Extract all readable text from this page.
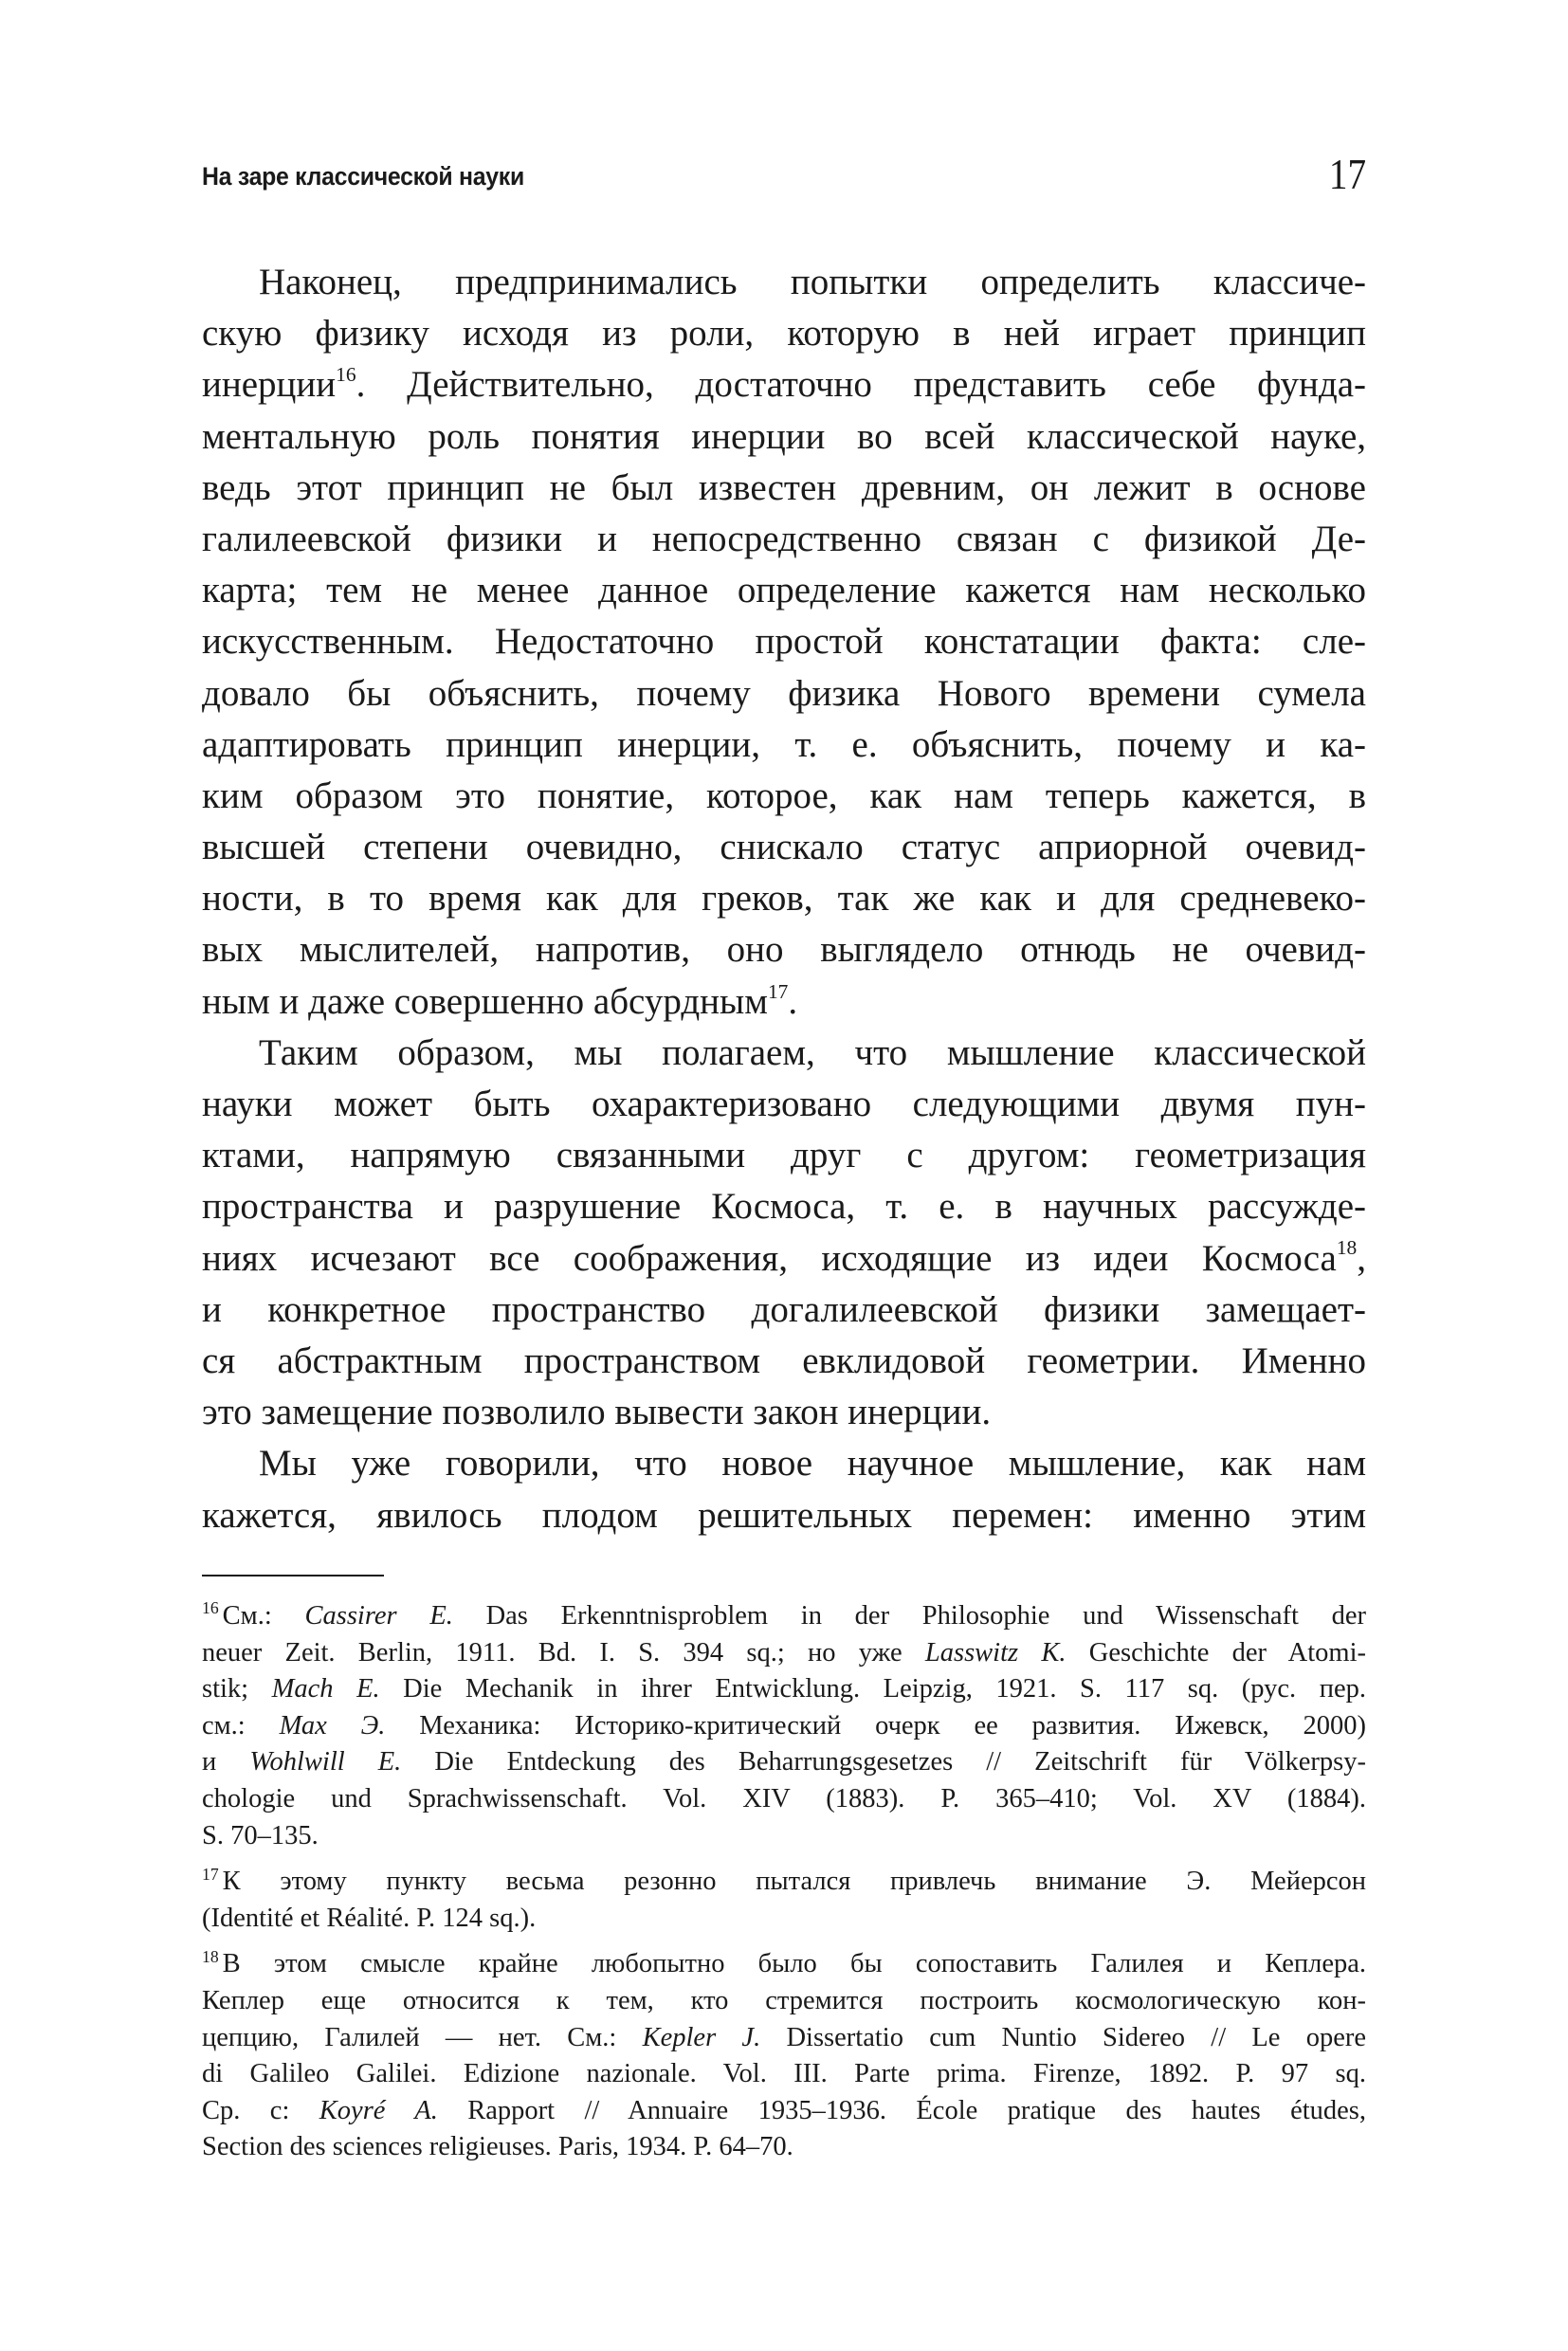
На заре классической науки	17
Наконец, предпринимались попытки определить классиче-
скую физику исходя из роли, которую в ней играет принцип
инерции$^{16}$. Действительно, достаточно представить себе фунда-
ментальную роль понятия инерции во всей классической науке,
ведь этот принцип не был известен древним, он лежит в основе
галилеевской физики и непосредственно связан с физикой Де-
карта; тем не менее данное определение кажется нам несколько
искусственным. Недостаточно простой констатации факта: сле-
довало бы объяснить, почему физика Нового времени сумела
адаптировать принцип инерции, т. е. объяснить, почему и ка-
ким образом это понятие, которое, как нам теперь кажется, в
высшей степени очевидно, снискало статус априорной очевид-
ности, в то время как для греков, так же как и для средневеко-
вых мыслителей, напротив, оно выглядело отнюдь не очевид-
ным и даже совершенно абсурдным$^{17}$.
Таким образом, мы полагаем, что мышление классической
науки может быть охарактеризовано следующими двумя пун-
ктами, напрямую связанными друг с другом: геометризация
пространства и разрушение Космоса, т. е. в научных рассужде-
ниях исчезают все соображения, исходящие из идеи Космоса$^{18}$,
и конкретное пространство догалилеевской физики замещает-
ся абстрактным пространством евклидовой геометрии. Именно
это замещение позволило вывести закон инерции.
Мы уже говорили, что новое научное мышление, как нам
кажется, явилось плодом решительных перемен: именно этим
$^{16}$ См.: Cassirer E. Das Erkenntnisproblem in der Philosophie und Wissenschaft der
neuer Zeit. Berlin, 1911. Bd. I. S. 394 sq.; но уже Lasswitz K. Geschichte der Atomi-
stik; Mach E. Die Mechanik in ihrer Entwicklung. Leipzig, 1921. S. 117 sq. (рус. пер.
см.: Мах Э. Механика: Историко-критический очерк ее развития. Ижевск, 2000)
и Wohlwill E. Die Entdeckung des Beharrungsgesetzes // Zeitschrift für Völkerpsy-
chologie und Sprachwissenschaft. Vol. XIV (1883). P. 365–410; Vol. XV (1884).
S. 70–135.
$^{17}$ К этому пункту весьма резонно пытался привлечь внимание Э. Мейерсон
(Identité et Réalité. P. 124 sq.).
$^{18}$ В этом смысле крайне любопытно было бы сопоставить Галилея и Кеплера.
Кеплер еще относится к тем, кто стремится построить космологическую кон-
цепцию, Галилей — нет. См.: Kepler J. Dissertatio cum Nuntio Sidereo // Le opere
di Galileo Galilei. Edizione nazionale. Vol. III. Parte prima. Firenze, 1892. P. 97 sq.
Ср. с: Koyré A. Rapport // Annuaire 1935–1936. École pratique des hautes études,
Section des sciences religieuses. Paris, 1934. P. 64–70.
